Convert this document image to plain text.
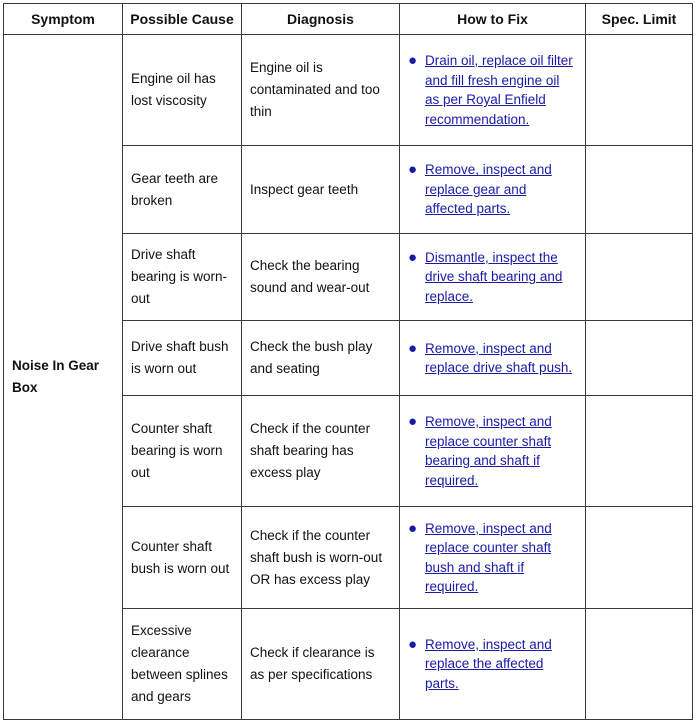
Symptom	Possible Cause	Diagnosis	How to Fix	Spec. Limit
Noise In Gear Box	Engine oil has lost viscosity	Engine oil is contaminated and too thin	● Drain oil, replace oil filter and fill fresh engine oil as per Royal Enfield recommendation.	

	Gear teeth are broken	Inspect gear teeth	● Remove, inspect and replace gear and affected parts.	

	Drive shaft bearing is worn-out	Check the bearing sound and wear-out	● Dismantle, inspect the drive shaft bearing and replace.	

	Drive shaft bush is worn out	Check the bush play and seating	● Remove, inspect and replace drive shaft push.	

	Counter shaft bearing is worn out	Check if the counter shaft bearing has excess play	● Remove, inspect and replace counter shaft bearing and shaft if required.	

	Counter shaft bush is worn out	Check if the counter shaft bush is worn-out OR has excess play	● Remove, inspect and replace counter shaft bush and shaft if required.	

	Excessive clearance between splines and gears	Check if clearance is as per specifications	● Remove, inspect and replace the affected parts.	
